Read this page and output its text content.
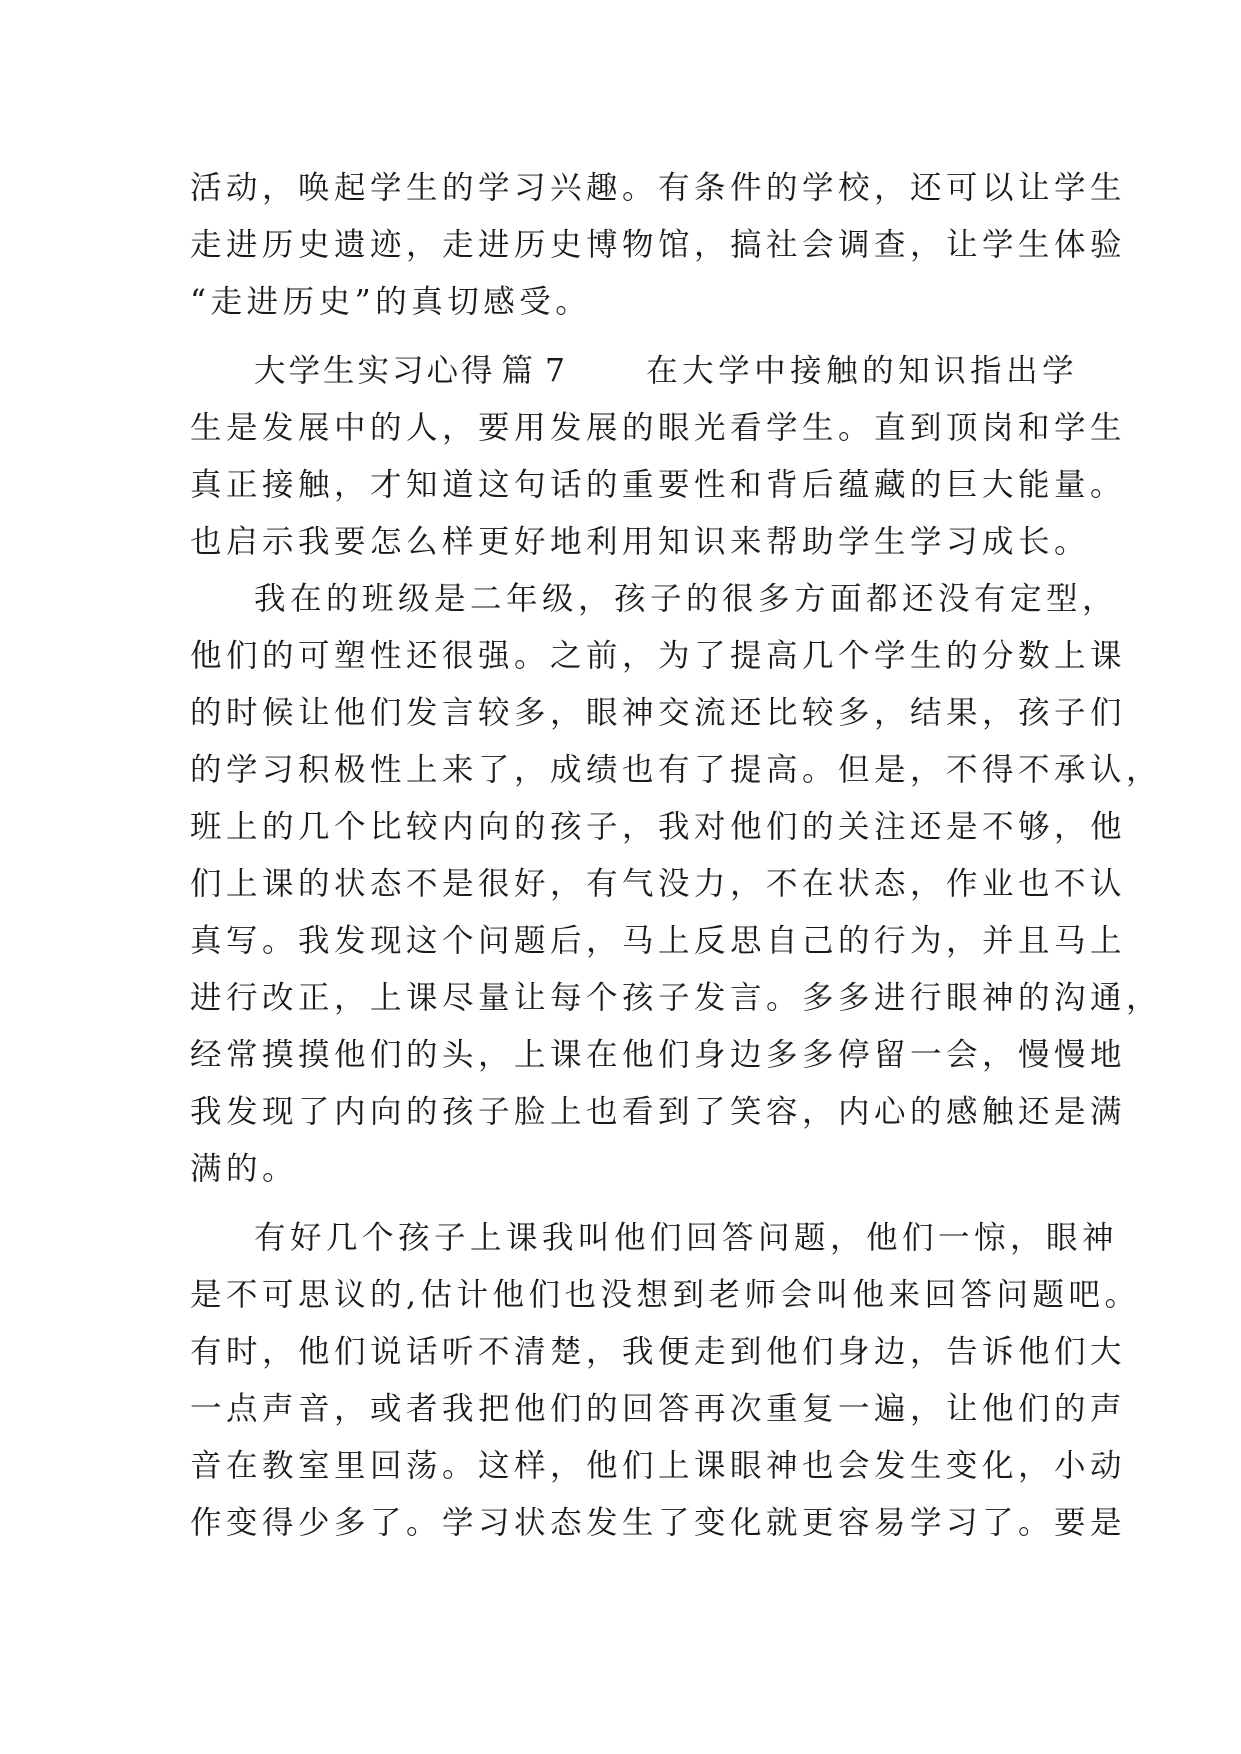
活动，唤起学生的学习兴趣。有条件的学校，还可以让学生
走进历史遗迹，走进历史博物馆，搞社会调查，让学生体验
“走进历史”的真切感受。
大学生实习心得 篇 7	在大学中接触的知识指出学
生是发展中的人，要用发展的眼光看学生。直到顶岗和学生
真正接触，才知道这句话的重要性和背后蕴藏的巨大能量。
也启示我要怎么样更好地利用知识来帮助学生学习成长。
我在的班级是二年级，孩子的很多方面都还没有定型，
他们的可塑性还很强。之前，为了提高几个学生的分数上课
的时候让他们发言较多，眼神交流还比较多，结果，孩子们
的学习积极性上来了，成绩也有了提高。但是，不得不承认，
班上的几个比较内向的孩子，我对他们的关注还是不够，他
们上课的状态不是很好，有气没力，不在状态，作业也不认
真写。我发现这个问题后，马上反思自己的行为，并且马上
进行改正，上课尽量让每个孩子发言。多多进行眼神的沟通，
经常摸摸他们的头，上课在他们身边多多停留一会，慢慢地
我发现了内向的孩子脸上也看到了笑容，内心的感触还是满
满的。
有好几个孩子上课我叫他们回答问题，他们一惊，眼神
是不可思议的,估计他们也没想到老师会叫他来回答问题吧。
有时，他们说话听不清楚，我便走到他们身边，告诉他们大
一点声音，或者我把他们的回答再次重复一遍，让他们的声
音在教室里回荡。这样，他们上课眼神也会发生变化，小动
作变得少多了。学习状态发生了变化就更容易学习了。要是
